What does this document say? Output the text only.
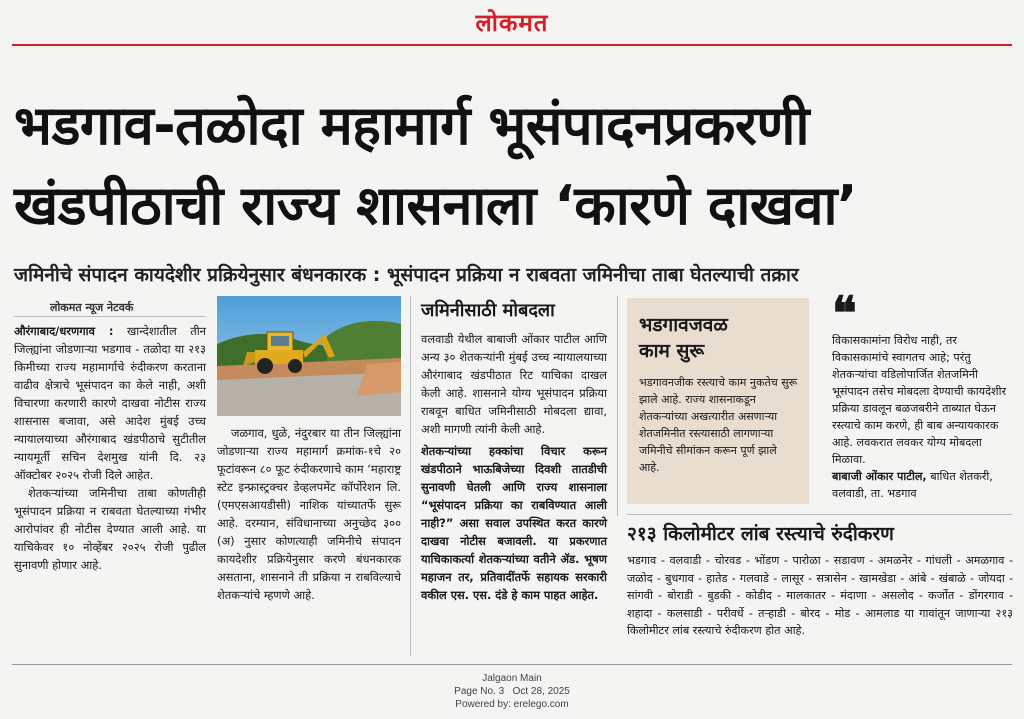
लोकमत
भडगाव-तळोदा महामार्ग भूसंपादनप्रकरणी
खंडपीठाची राज्य शासनाला ‘कारणे दाखवा’
जमिनीचे संपादन कायदेशीर प्रक्रियेनुसार बंधनकारक : भूसंपादन प्रक्रिया न राबवता जमिनीचा ताबा घेतल्याची तक्रार
लोकमत न्यूज नेटवर्क

औरंगाबाद/धरणगाव : खान्देशातील तीन जिल्ह्यांना जोडणाऱ्या भडगाव - तळोदा या २१३ किमीच्या राज्य महामार्गाचे रुंदीकरण करताना वाढीव क्षेत्राचे भूसंपादन का केले नाही, अशी विचारणा करणारी कारणे दाखवा नोटीस राज्य शासनास बजावा, असे आदेश मुंबई उच्च न्यायालयाच्या औरंगाबाद खंडपीठाचे सुटीतील न्यायमूर्ती सचिन देशमुख यांनी दि. २३ ऑक्टोबर २०२५ रोजी दिले आहेत.

शेतकऱ्यांच्या जमिनीचा ताबा कोणतीही भूसंपादन प्रक्रिया न राबवता घेतल्याच्या गंभीर आरोपांवर ही नोटीस देण्यात आली आहे. या याचिकेवर १० नोव्हेंबर २०२५ रोजी पुढील सुनावणी होणार आहे.

जळगाव, धुळे, नंदुरबार या तीन जिल्ह्यांना जोडणाऱ्या राज्य महामार्ग क्रमांक-१चे २० फूटांवरून ८० फूट रुंदीकरणाचे काम ‘महाराष्ट्र स्टेट इन्फ्रास्ट्रक्चर डेव्हलपमेंट कॉर्पोरेशन लि. (एमएसआयडीसी) नाशिक यांच्यातर्फे सुरू आहे. दरम्यान, संविधानाच्या अनुच्छेद ३०० (अ) नुसार कोणत्याही जमिनीचे संपादन कायदेशीर प्रक्रियेनुसार करणे बंधनकारक असताना, शासनाने ती प्रक्रिया न राबविल्याचे शेतकऱ्यांचे म्हणणे आहे.

जमिनीसाठी मोबदला

वलवाडी येथील बाबाजी ओंकार पाटील आणि अन्य ३० शेतकऱ्यांनी मुंबई उच्च न्यायालयाच्या औरंगाबाद खंडपीठात रिट याचिका दाखल केली आहे. शासनाने योग्य भूसंपादन प्रक्रिया राबवून बाधित जमिनीसाठी मोबदला द्यावा, अशी मागणी त्यांनी केली आहे.

शेतकऱ्यांच्या हक्कांचा विचार करून खंडपीठाने भाऊबिजेच्या दिवशी तातडीची सुनावणी घेतली आणि राज्य शासनाला “भूसंपादन प्रक्रिया का राबविण्यात आली नाही?” असा सवाल उपस्थित करत कारणे दाखवा नोटीस बजावली. या प्रकरणात याचिकाकर्त्या शेतकऱ्यांच्या वतीने ॲड. भूषण महाजन तर, प्रतिवादींतर्फे सहायक सरकारी वकील एस. एस. दंडे हे काम पाहत आहेत.

भडगावजवळ
काम सुरू
भडगावनजीक रस्त्याचे काम नुकतेच सुरू झाले आहे. राज्य शासनाकडून शेतकऱ्यांच्या अखत्यारीत असणाऱ्या शेतजमिनीत रस्त्यासाठी लागणाऱ्या जमिनीचे सीमांकन करून पूर्ण झाले आहे.
❝
विकासकामांना विरोध नाही, तर विकासकामांचे स्वागतच आहे; परंतु शेतकऱ्यांचा वडिलोपार्जित शेतजमिनी भूसंपादन तसेच मोबदला देण्याची कायदेशीर प्रक्रिया डावलून बळजबरीने ताब्यात घेऊन रस्त्याचे काम करणे, ही बाब अन्यायकारक आहे. लवकरात लवकर योग्य मोबदला मिळावा.
बाबाजी ओंकार पाटील, बाधित शेतकरी, वलवाडी, ता. भडगाव
२१३ किलोमीटर लांब रस्त्याचे रुंदीकरण
भडगाव - वलवाडी - चोरवड - भोंडण - पारोळा - सडावण - अमळनेर - गांधली - अमळगाव - जळोद - बुधगाव - हातेड - गलवाडे - लासूर - सत्रासेन - खामखेडा - आंबे - खंबाळे - जोयदा - सांगवी - बोराडी - बुडकी - कोडीद - मालकातर - मंदाणा - असलोद - कर्जोत - डोंगरगाव - शहादा - कलसाडी - परीवर्धे - तऱ्हाडी - बोरद - मोड - आमलाड या गावांतून जाणाऱ्या २१३ किलोमीटर लांब रस्त्याचे रुंदीकरण होत आहे.
Jalgaon Main
Page No. 3 Oct 28, 2025
Powered by: erelego.com
